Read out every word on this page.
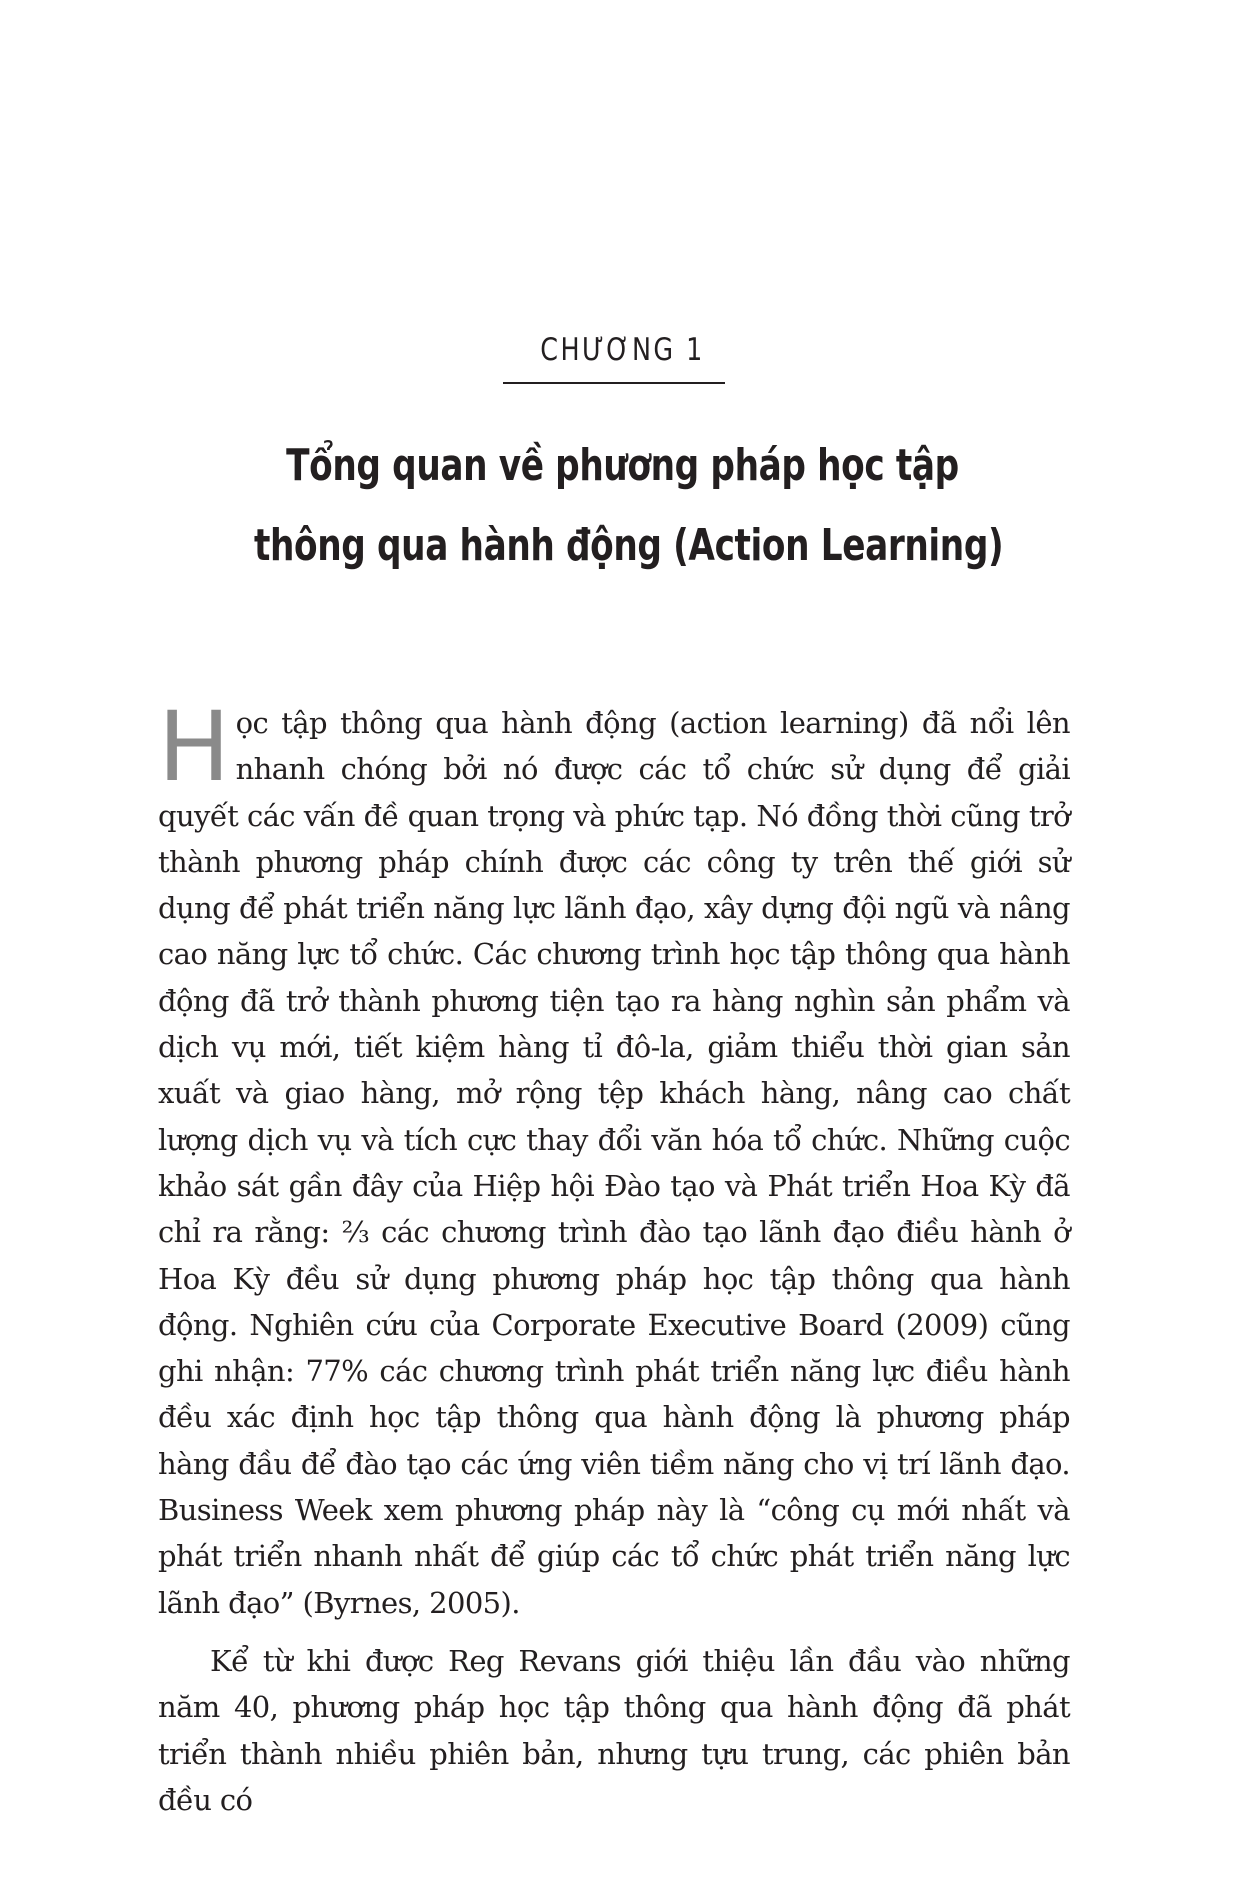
CHƯƠNG 1

Tổng quan về phương pháp học tập
thông qua hành động (Action Learning)

Học tập thông qua hành động (action learning) đã nổi lên nhanh chóng bởi nó được các tổ chức sử dụng để giải quyết các vấn đề quan trọng và phức tạp. Nó đồng thời cũng trở thành phương pháp chính được các công ty trên thế giới sử dụng để phát triển năng lực lãnh đạo, xây dựng đội ngũ và nâng cao năng lực tổ chức. Các chương trình học tập thông qua hành động đã trở thành phương tiện tạo ra hàng nghìn sản phẩm và dịch vụ mới, tiết kiệm hàng tỉ đô-la, giảm thiểu thời gian sản xuất và giao hàng, mở rộng tệp khách hàng, nâng cao chất lượng dịch vụ và tích cực thay đổi văn hóa tổ chức. Những cuộc khảo sát gần đây của Hiệp hội Đào tạo và Phát triển Hoa Kỳ đã chỉ ra rằng: ⅔ các chương trình đào tạo lãnh đạo điều hành ở Hoa Kỳ đều sử dụng phương pháp học tập thông qua hành động. Nghiên cứu của Corporate Executive Board (2009) cũng ghi nhận: 77% các chương trình phát triển năng lực điều hành đều xác định học tập thông qua hành động là phương pháp hàng đầu để đào tạo các ứng viên tiềm năng cho vị trí lãnh đạo. Business Week xem phương pháp này là “công cụ mới nhất và phát triển nhanh nhất để giúp các tổ chức phát triển năng lực lãnh đạo” (Byrnes, 2005).

Kể từ khi được Reg Revans giới thiệu lần đầu vào những năm 40, phương pháp học tập thông qua hành động đã phát triển thành nhiều phiên bản, nhưng tựu trung, các phiên bản đều có
